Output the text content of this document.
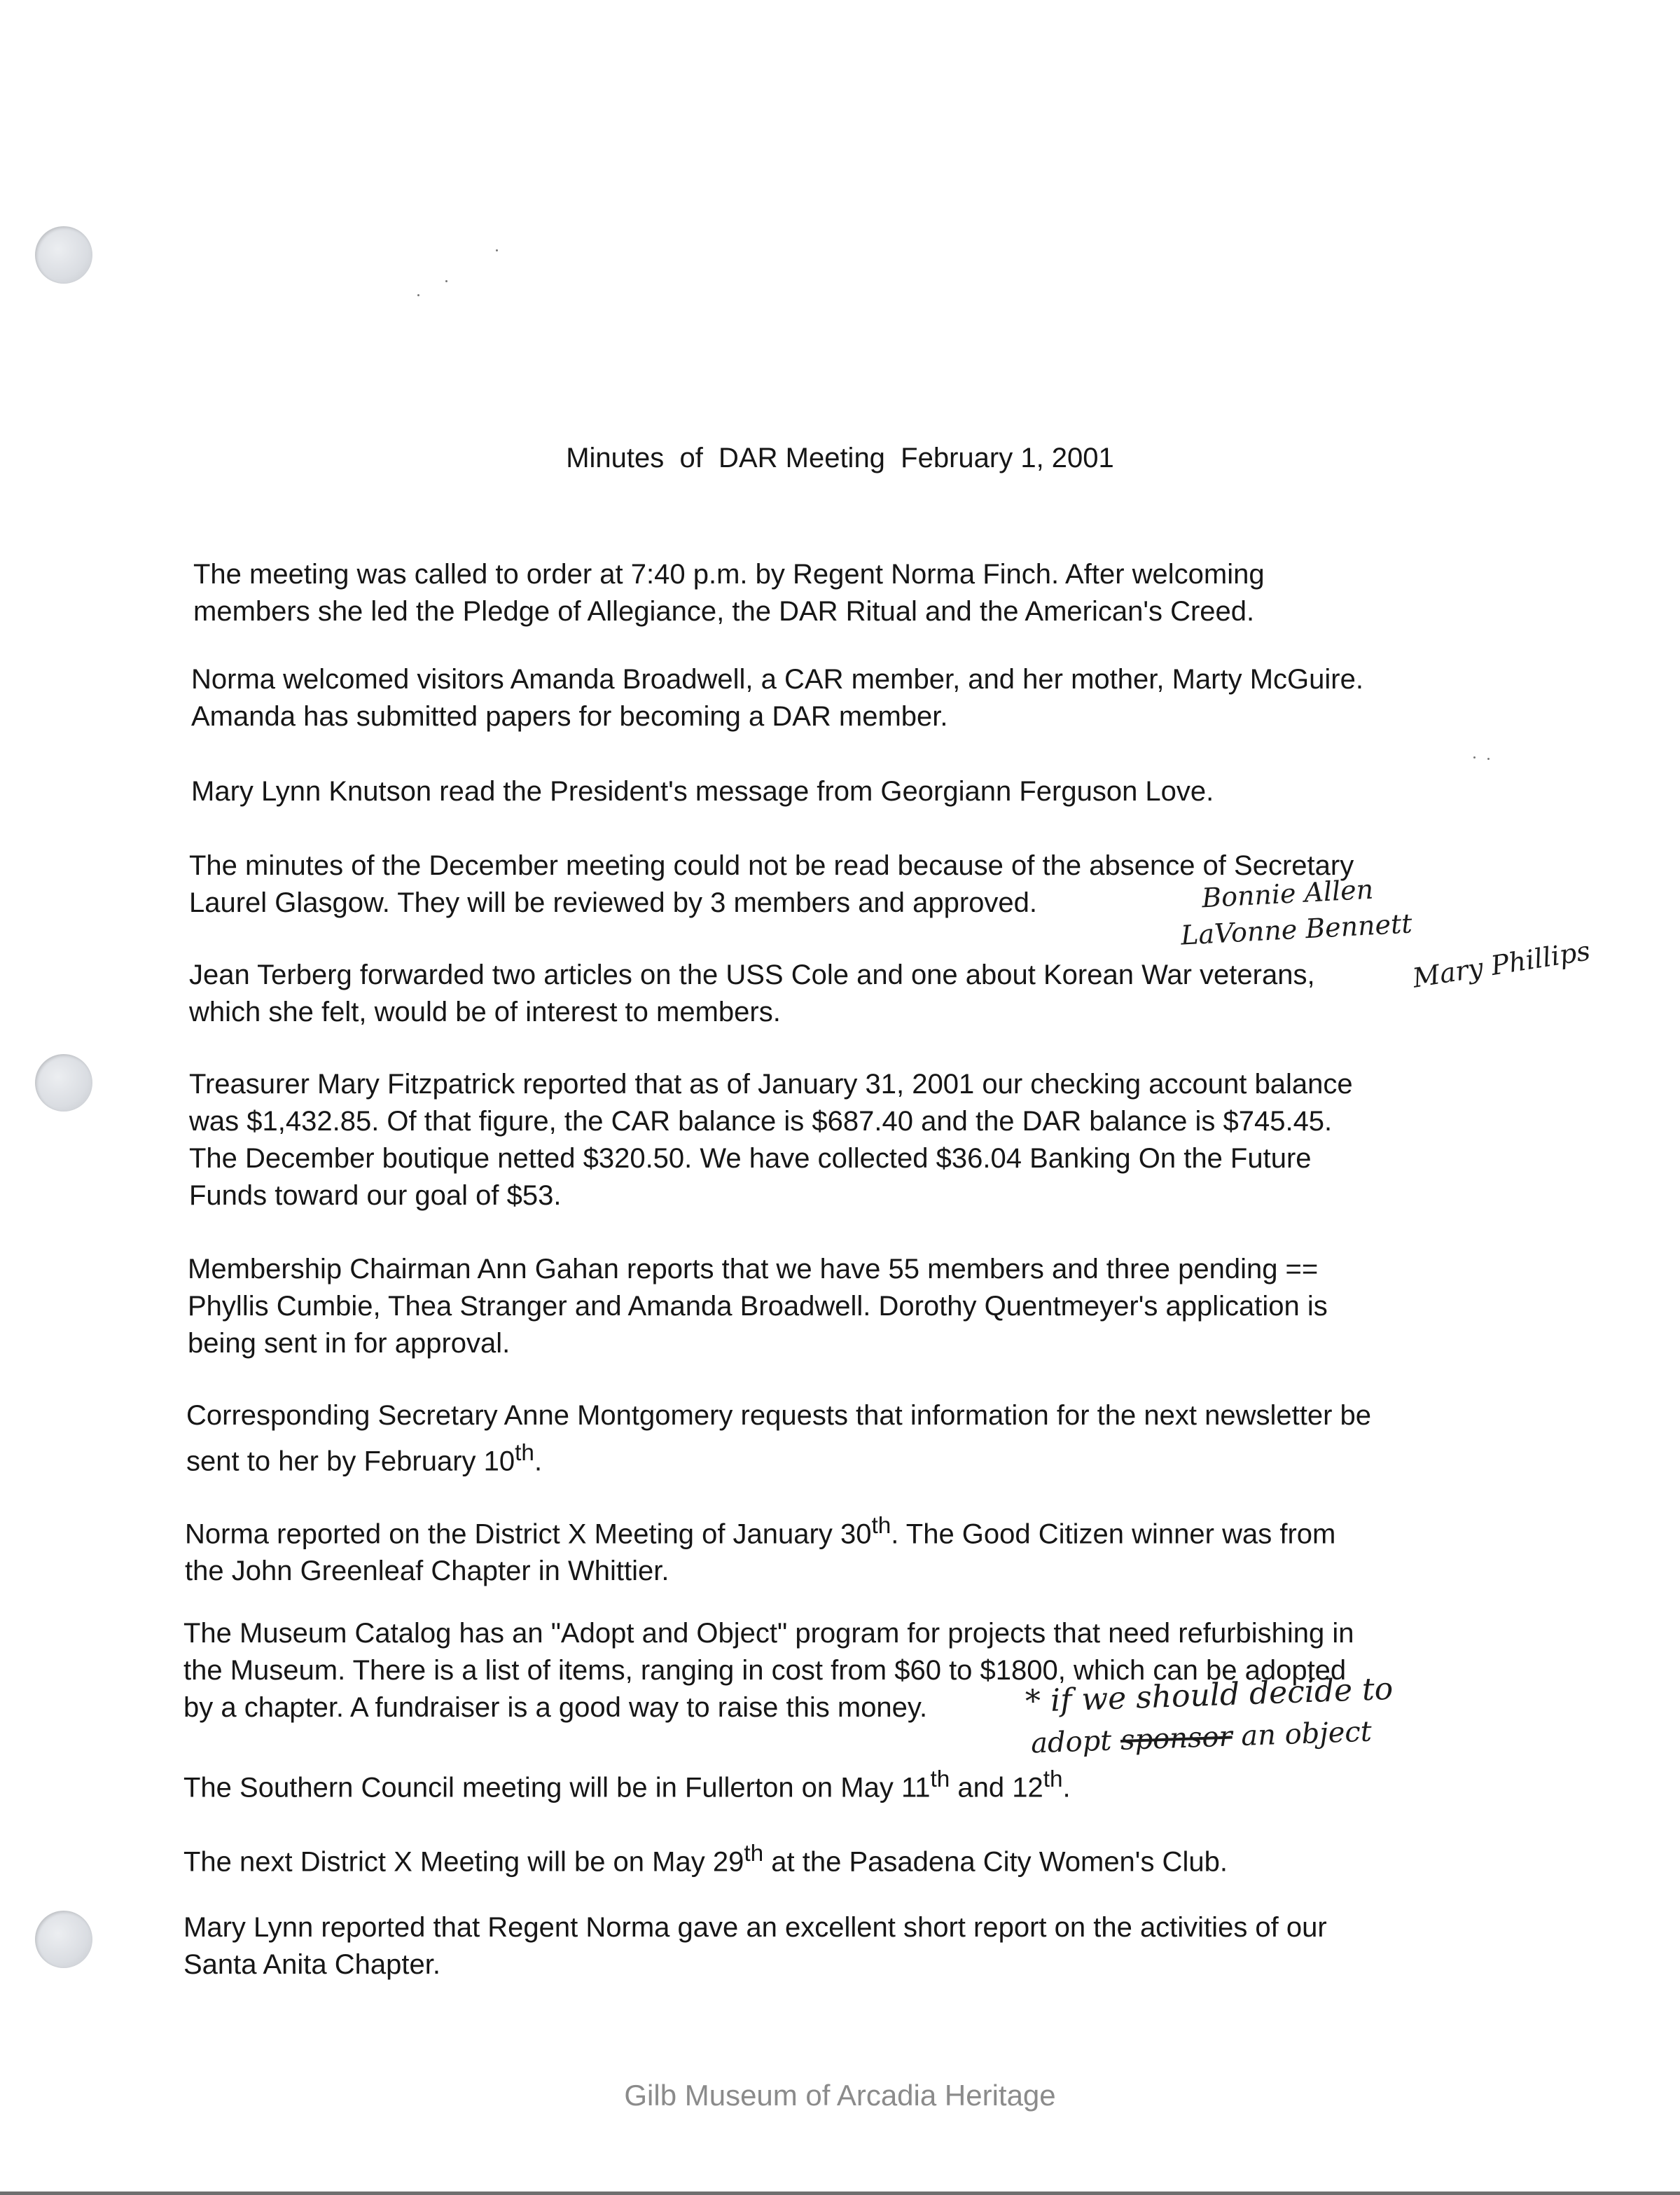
Minutes  of  DAR Meeting  February 1, 2001
The meeting was called to order at 7:40 p.m. by Regent Norma Finch. After welcoming
members she led the Pledge of Allegiance, the DAR Ritual and the American's Creed.
Norma welcomed visitors Amanda Broadwell, a CAR member, and her mother, Marty McGuire.
Amanda has submitted papers for becoming a DAR member.
Mary Lynn Knutson read the President's message from Georgiann Ferguson Love.
The minutes of the December meeting could not be read because of the absence of Secretary
Laurel Glasgow. They will be reviewed by 3 members and approved.
Jean Terberg forwarded two articles on the USS Cole and one about Korean War veterans,
which she felt, would be of interest to members.
Treasurer Mary Fitzpatrick reported that as of January 31, 2001 our checking account balance
was $1,432.85. Of that figure, the CAR balance is $687.40 and the DAR balance is $745.45.
The December boutique netted $320.50. We have collected $36.04 Banking On the Future
Funds toward our goal of $53.
Membership Chairman Ann Gahan reports that we have 55 members and three pending ==
Phyllis Cumbie, Thea Stranger and Amanda Broadwell. Dorothy Quentmeyer's application is
being sent in for approval.
Corresponding Secretary Anne Montgomery requests that information for the next newsletter be
sent to her by February 10th.
Norma reported on the District X Meeting of January 30th. The Good Citizen winner was from
the John Greenleaf Chapter in Whittier.
The Museum Catalog has an "Adopt and Object" program for projects that need refurbishing in
the Museum. There is a list of items, ranging in cost from $60 to $1800, which can be adopted
by a chapter. A fundraiser is a good way to raise this money.
The Southern Council meeting will be in Fullerton on May 11th and 12th.
The next District X Meeting will be on May 29th at the Pasadena City Women's Club.
Mary Lynn reported that Regent Norma gave an excellent short report on the activities of our
Santa Anita Chapter.
Bonnie Allen
LaVonne Bennett
Mary Phillips
* if we should decide to
adopt sponsor an object
Gilb Museum of Arcadia Heritage
